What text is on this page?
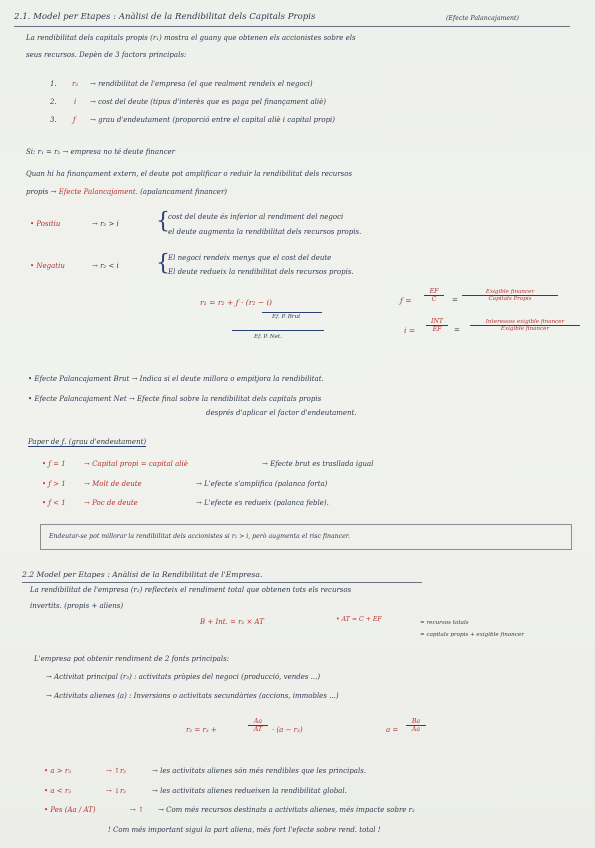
2.1. Model per Etapes : Anàlisi de la Rendibilitat dels Capitals Propis	(Efecte Palancajament)
La rendibilitat dels capitals propis (r₁) mostra el guany que obtenen els accionistes sobre els
seus recursos. Depèn de 3 factors principals:
1. r₂ → rendibilitat de l'empresa (el que realment rendeix el negoci)
2. i → cost del deute (tipus d'interès que es paga pel finançament aliè)
3. ƒ → grau d'endeutament (proporció entre el capital aliè i capital propi)
Si: r₁ = r₂ → empresa no té deute financer
Quan hi ha finançament extern, el deute pot amplificar o reduir la rendibilitat dels recursos
propis → Efecte Palancajament. (apalancament financer)
• Positiu	→ r₂ > i {
cost del deute és inferior al rendiment del negoci
el deute augmenta la rendibilitat dels recursos propis.
• Negatiu	→ r₂ < i {
El negoci rendeix menys que el cost del deute
El deute redueix la rendibilitat dels recursos propis.
r₁ = r₂ + ƒ · (r₂ − i)
Ef. P. Brut
Ef. P. Net.
ƒ = $\frac{EF}{C}$ =
Exigible financer
Capitals Propis
i =
INT
EF	=
Interessos exigible financer
Exigible financer
• Efecte Palancajament Brut → Indica si el deute millora o empitjora la rendibilitat.
• Efecte Palancajament Net → Efecte final sobre la rendibilitat dels capitals propis
després d'aplicar el factor d'endeutament.
Paper de ƒ. (grau d'endeutament)
• ƒ = 1	→ Capital propi = capital aliè	→ Efecte brut es trasllada igual
• ƒ > 1	→ Molt de deute	→ L'efecte s'amplifica (palanca forta)
• ƒ < 1	→ Poc de deute	→ L'efecte es redueix (palanca feble).
Endeutar-se pot millorar la rendibilitat dels accionistes si r₂ > i, però augmenta el risc financer.
2.2 Model per Etapes : Anàlisi de la Rendibilitat de l'Empresa.
La rendibilitat de l'empresa (r₂) reflecteix el rendiment total que obtenen tots els recursos
invertits. (propis + aliens)
B + Int. = r₂ × AT	• AT = C + EF	= recursos totals
= capitals propis + exigible financer
L'empresa pot obtenir rendiment de 2 fonts principals:
→ Activitat principal (r₃) : activitats pròpies del negoci (producció, vendes ...)
→ Activitats alienes (a) : Inversions o activitats secundàries (accions, immobles ...)
r₂ = r₃ +	$\frac{Aa}{AT} \cdot (a - r_3)$	$a = \frac{Ba}{Aa}$
• a > r₃	→ ↑r₂	→ les activitats alienes són més rendibles que les principals.
• a < r₃	→ ↓r₂	→ les activitats alienes redueixen la rendibilitat global.
• Pes (Aa / AT)	→ ↑ → Com més recursos destinats a activitats alienes, més impacte sobre r₂
! Com més important sigui la part aliena, més fort l'efecte sobre rend. total !
